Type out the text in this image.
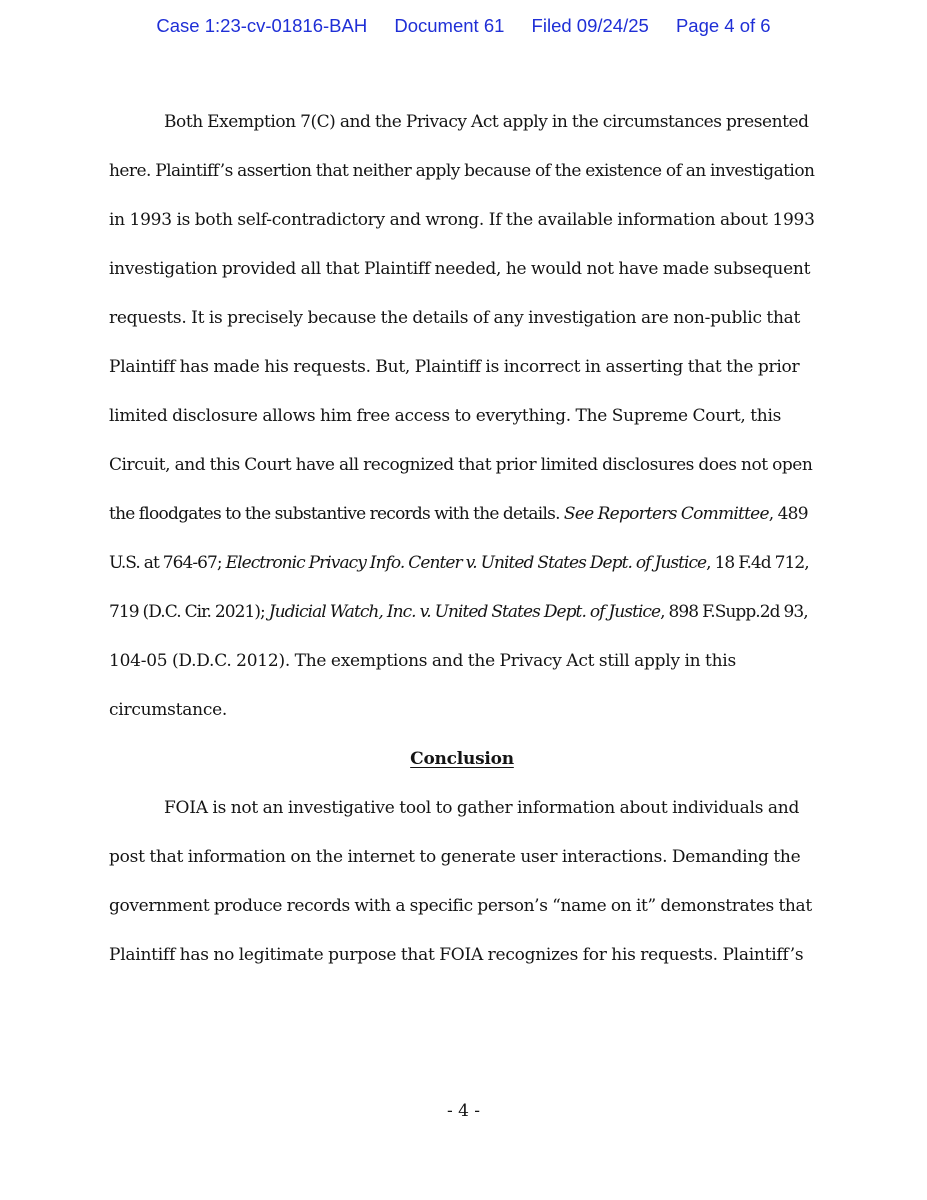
Case 1:23-cv-01816-BAH Document 61 Filed 09/24/25 Page 4 of 6
Both Exemption 7(C) and the Privacy Act apply in the circumstances presented
here. Plaintiff’s assertion that neither apply because of the existence of an investigation
in 1993 is both self-contradictory and wrong. If the available information about 1993
investigation provided all that Plaintiff needed, he would not have made subsequent
requests. It is precisely because the details of any investigation are non-public that
Plaintiff has made his requests. But, Plaintiff is incorrect in asserting that the prior
limited disclosure allows him free access to everything. The Supreme Court, this
Circuit, and this Court have all recognized that prior limited disclosures does not open
the floodgates to the substantive records with the details. See Reporters Committee, 489
U.S. at 764-67; Electronic Privacy Info. Center v. United States Dept. of Justice, 18 F.4d 712,
719 (D.C. Cir. 2021); Judicial Watch, Inc. v. United States Dept. of Justice, 898 F.Supp.2d 93,
104-05 (D.D.C. 2012). The exemptions and the Privacy Act still apply in this
circumstance.
Conclusion
FOIA is not an investigative tool to gather information about individuals and
post that information on the internet to generate user interactions. Demanding the
government produce records with a specific person’s “name on it” demonstrates that
Plaintiff has no legitimate purpose that FOIA recognizes for his requests. Plaintiff’s
- 4 -
